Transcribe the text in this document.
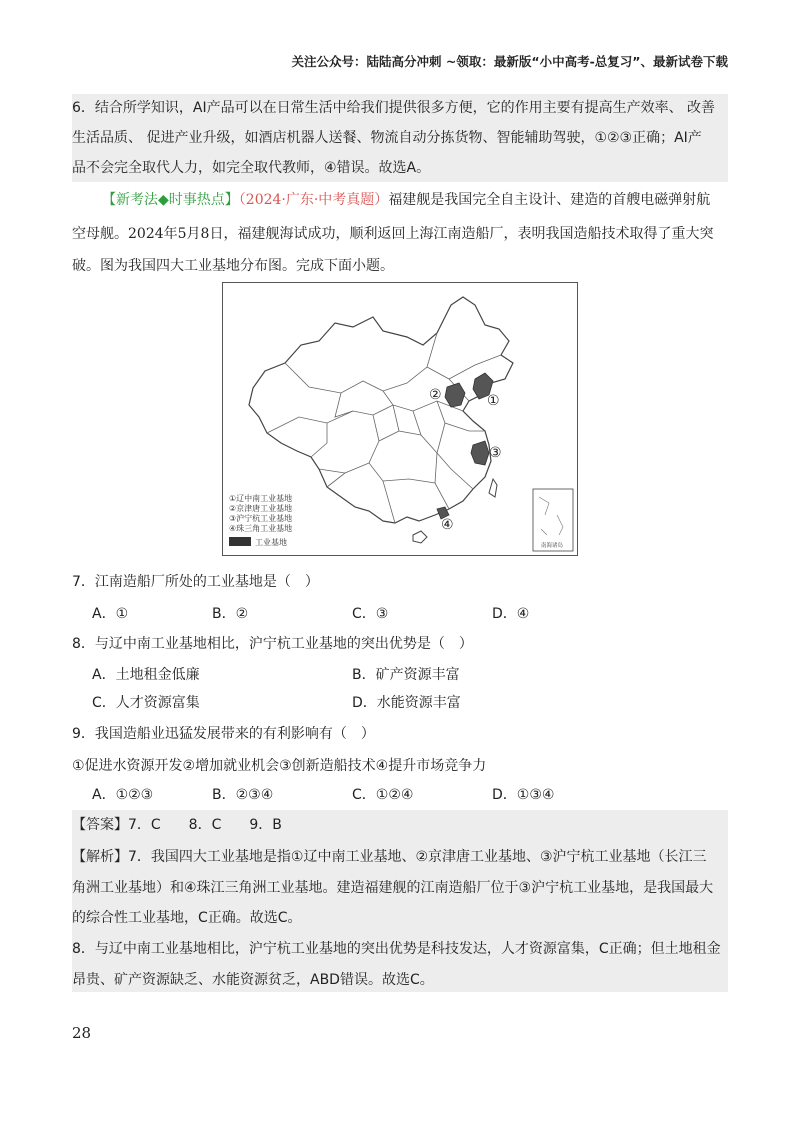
关注公众号：陆陆高分冲刺 ~领取：最新版“小中高考-总复习”、最新试卷下载
6．结合所学知识，AI产品可以在日常生活中给我们提供很多方便，它的作用主要有提高生产效率、 改善
生活品质、 促进产业升级，如酒店机器人送餐、物流自动分拣货物、智能辅助驾驶，①②③正确；AI产
品不会完全取代人力，如完全取代教师，④错误。故选A。
【新考法◆时事热点】（2024·广东·中考真题）福建舰是我国完全自主设计、建造的首艘电磁弹射航
空母舰。2024年5月8日，福建舰海试成功，顺利返回上海江南造船厂，表明我国造船技术取得了重大突
破。图为我国四大工业基地分布图。完成下面小题。
①
②
③
④
①辽中南工业基地
②京津唐工业基地
③沪宁杭工业基地
④珠三角工业基地
工业基地	南海诸岛
7．江南造船厂所处的工业基地是（　）
A．①	B．②	C．③	D．④
8．与辽中南工业基地相比，沪宁杭工业基地的突出优势是（　）
A．土地租金低廉	B．矿产资源丰富
C．人才资源富集	D．水能资源丰富
9．我国造船业迅猛发展带来的有利影响有（　）
①促进水资源开发②增加就业机会③创新造船技术④提升市场竞争力
A．①②③	B．②③④	C．①②④	D．①③④
【答案】7．C　　8．C　　9．B
【解析】7．我国四大工业基地是指①辽中南工业基地、②京津唐工业基地、③沪宁杭工业基地（长江三
角洲工业基地）和④珠江三角洲工业基地。建造福建舰的江南造船厂位于③沪宁杭工业基地，是我国最大
的综合性工业基地，C正确。故选C。
8．与辽中南工业基地相比，沪宁杭工业基地的突出优势是科技发达，人才资源富集，C正确；但土地租金
昂贵、矿产资源缺乏、水能资源贫乏，ABD错误。故选C。
28
